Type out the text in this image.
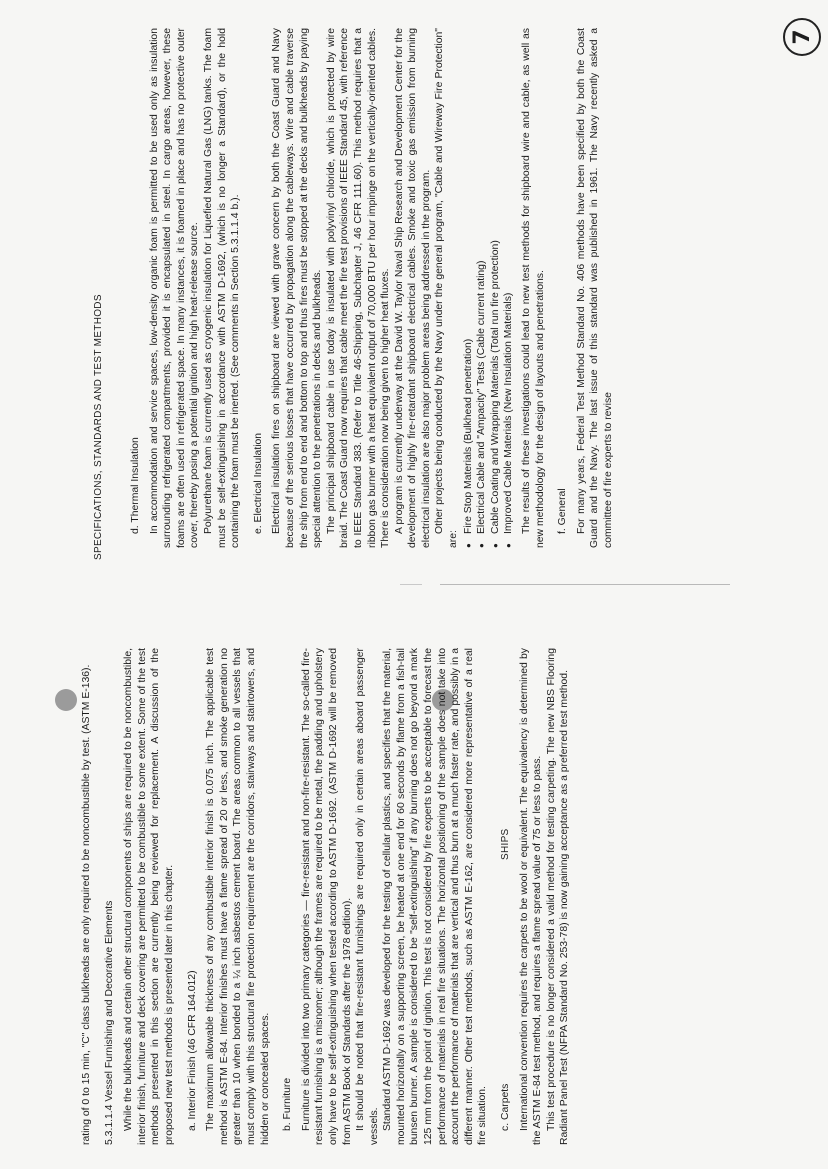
SHIPS
SPECIFICATIONS, STANDARDS AND TEST METHODS
7

rating of 0 to 15 min, "C" class bulkheads are only required to be noncombustible by test. (ASTM E-136). 5.3.1.1.4 Vessel Furnishing and Decorative Elements While the bulkheads and certain other structural components of ships are required to be noncombustible, interior finish, furniture and deck covering are permitted to be combustible to some extent. Some of the test methods presented in this section are currently being reviewed for replacement. A discussion of the proposed new test methods is presented later in this chapter. a. Interior Finish (46 CFR 164.012) The maximum allowable thickness of any combustible interior finish is 0.075 inch. The applicable test method is ASTM E-84. Interior finishes must have a flame spread of 20 or less, and smoke generation no greater than 10 when bonded to a ¼ inch asbestos cement board. The areas common to all vessels that must comply with this structural fire protection requirement are the corridors, stairways and stairtowers, and hidden or concealed spaces. b. Furniture Furniture is divided into two primary categories — fire-resistant and non-fire-resistant. The so-called fire-resistant furnishing is a misnomer; although the frames are required to be metal, the padding and upholstery only have to be self-extinguishing when tested according to ASTM D-1692. (ASTM D-1692 will be removed from ASTM Book of Standards after the 1978 edition). It should be noted that fire-resistant furnishings are required only in certain areas aboard passenger vessels. Standard ASTM D-1692 was developed for the testing of cellular plastics, and specifies that the material, mounted horizontally on a supporting screen, be heated at one end for 60 seconds by flame from a fish-tail bunsen burner. A sample is considered to be "self-extinguishing" if any burning does not go beyond a mark 125 mm from the point of ignition. This test is not considered by fire experts to be acceptable to forecast the performance of materials in real fire situations. The horizontal positioning of the sample does not take into account the performance of materials that are vertical and thus burn at a much faster rate, and possibly in a different manner. Other test methods, such as ASTM E-162, are considered more representative of a real fire situation. c. Carpets International convention requires the carpets to be wool or equivalent. The equivalency is determined by the ASTM E-84 test method, and requires a flame spread value of 75 or less to pass. This test procedure is no longer considered a valid method for testing carpeting. The new NBS Flooring Radiant Panel Test (NFPA Standard No. 253-78) is now gaining acceptance as a preferred test method.

d. Thermal Insulation In accommodation and service spaces, low-density organic foam is permitted to be used only as insulation surrounding refrigerated compartments, provided it is encapsulated in steel. In cargo areas, however, these foams are often used in refrigerated space. In many instances, it is foamed in place and has no protective outer cover, thereby posing a potential ignition and high heat-release source. Polyurethane foam is currently used as cryogenic insulation for Liquefied Natural Gas (LNG) tanks. The foam must be self-extinguishing in accordance with ASTM D-1692, (which is no longer a Standard), or the hold containing the foam must be inerted. (See comments in Section 5.3.1.1.4 b.). e. Electrical Insulation Electrical insulation fires on shipboard are viewed with grave concern by both the Coast Guard and Navy because of the serious losses that have occurred by propagation along the cableways. Wire and cable traverse the ship from end to end and bottom to top and thus fires must be stopped at the decks and bulkheads by paying special attention to the penetrations in decks and bulkheads. The principal shipboard cable in use today is insulated with polyvinyl chloride, which is protected by wire braid. The Coast Guard now requires that cable meet the fire test provisions of IEEE Standard 45, with reference to IEEE Standard 383. (Refer to Title 46-Shipping, Subchapter J, 46 CFR 111.60). This method requires that a ribbon gas burner with a heat equivalent output of 70,000 BTU per hour impinge on the vertically-oriented cables. There is consideration now being given to higher heat fluxes. A program is currently underway at the David W. Taylor Naval Ship Research and Development Center for the development of highly fire-retardant shipboard electrical cables. Smoke and toxic gas emission from burning electrical insulation are also major problem areas being addressed in the program. Other projects being conducted by the Navy under the general program, "Cable and Wireway Fire Protection" are:

● Fire Stop Materials (Bulkhead penetration) ● Electrical Cable and "Ampacity" Tests (Cable current rating) ● Cable Coating and Wrapping Materials (Total run fire protection) ● Improved Cable Materials (New Insulation Materials) The results of these investigations could lead to new test methods for shipboard wire and cable, as well as new methodology for the design of layouts and penetrations. f. General For many years, Federal Test Method Standard No. 406 methods have been specified by both the Coast Guard and the Navy. The last issue of this standard was published in 1961. The Navy recently asked a committee of fire experts to revise
